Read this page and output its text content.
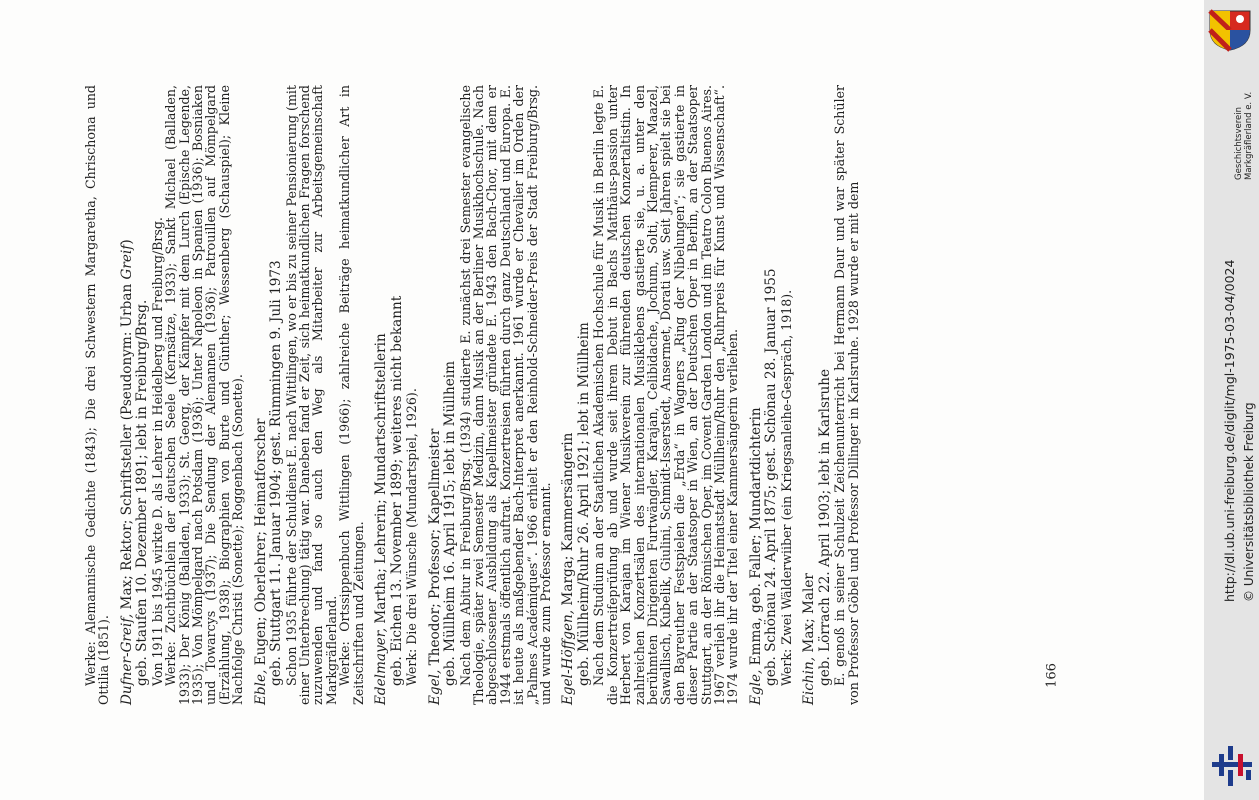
Werke: Alemannische Gedichte (1843); Die drei Schwestern Margaretha, Chrischona und Ottilia (1851). Dufner-Greif, Max; Rektor; Schriftsteller (Pseudonym: Urban Greif)

geb. Staufen 10. Dezember 1891; lebt in Freiburg/Brsg. Von 1911 bis 1945 wirkte D. als Lehrer in Heidelberg und Freiburg/Brsg.

Werke: Zuchtbüchlein der deutschen Seele (Kernsätze, 1933); Sankt Michael (Balladen, 1933); Der König (Balladen, 1933); St. Georg, der Kämpfer mit dem Lurch (Epische Legende, 1935); Von Mömpelgard nach Potsdam (1936); Unter Napoleon in Spanien (1936); Bosniaken und Towarcys (1937); Die Sendung der Alemannen (1936); Patrouillen auf Mömpelgard (Erzählung, 1938); Biographien von Burte und Günther; Wessenberg (Schauspiel); Kleine Nachfolge Christi (Sonette); Roggenbach (Sonette). Eble, Eugen; Oberlehrer; Heimatforscher geb. Stuttgart 11. Januar 1904; gest. Rümmingen 9. Juli 1973 Schon 1935 führte der Schuldienst E. nach Wittlingen, wo er bis zu seiner Pensionierung (mit einer Unterbrechung) tätig war. Daneben fand er Zeit, sich heimatkundlichen Fragen forschend zuzuwenden und fand so auch den Weg als Mitarbeiter zur Arbeitsgemeinschaft Markgräflerland.

Werke: Ortssippenbuch Wittlingen (1966); zahlreiche Beiträge heimatkundlicher Art in Zeitschriften und Zeitungen. Edelmayer, Martha; Lehrerin; Mundartschriftstellerin geb. Eichen 13. November 1899; weiteres nicht bekannt Werk: Die drei Wünsche (Mundartspiel, 1926).

Egel, Theodor; Professor; Kapellmeister geb. Müllheim 16. April 1915; lebt in Müllheim Nach dem Abitur in Freiburg/Brsg. (1934) studierte E. zunächst drei Semester evangelische Theologie, später zwei Semester Medizin, dann Musik an der Berliner Musikhochschule. Nach abgeschlossener Ausbildung als Kapellmeister gründete E. 1943 den Bach-Chor, mit dem er 1944 erstmals öffentlich auftrat. Konzertreisen führten durch ganz Deutschland und Europa. E. ist heute als maßgebender Bach-Interpret anerkannt. 1961 wurde er Chevalier im Orden der „Palmes Académiques“. 1966 erhielt er den Reinhold-Schneider-Preis der Stadt Freiburg/Brsg. und wurde zum Professor ernannt. Egel-Höffgen, Marga; Kammersängerin geb. Müllheim/Ruhr 26. April 1921; lebt in Müllheim Nach dem Studium an der Staatlichen Akademischen Hochschule für Musik in Berlin legte E. die Konzertreifeprüfung ab und wurde seit ihrem Debut in Bachs Matthäus-passion unter Herbert von Karajan im Wiener Musikverein zur führenden deutschen Konzertaltistin. In zahlreichen Konzertsälen des internationalen Musiklebens gastierte sie, u. a. unter den berühmten Dirigenten Furtwängler, Karajan, Celibidache, Jochum, Solti, Klemperer, Maazel, Sawallisch, Kubelik, Giulini, Schmidt-Isserstedt, Ansermet, Dorati usw. Seit Jahren spielt sie bei den Bayreuther Festspielen die „Erda“ in Wagners „Ring der Nibelungen“; sie gastierte in dieser Partie an der Staatsoper in Wien, an der Deutschen Oper in Berlin, an der Staatsoper Stuttgart, an der Römischen Oper, im Covent Garden London und im Teatro Colon Buenos Aires. 1967 verlieh ihr die Heimatstadt Müllheim/Ruhr den „Ruhrpreis für Kunst und Wissenschaft“. 1974 wurde ihr der Titel einer Kammersängerin verliehen. Egle, Emma, geb. Faller; Mundartdichterin geb. Schönau 24. April 1875; gest. Schönau 28. Januar 1955 Werk: Zwei Wälderwiiber (ein Kriegsanleihe-Gespräch, 1918). Eichin, Max; Maler geb. Lörrach 22. April 1903; lebt in Karlsruhe E. genoß in seiner Schulzeit Zeichenunterricht bei Hermann Daur und war später Schüler von Professor Göbel und Professor Dillinger in Karlsruhe. 1928 wurde er mit dem	166
Geschichtsverein Markgräflerland e. V.
http://dl.ub.uni-freiburg.de/diglit/mgl-1975-03-04/0024 © Universitätsbibliothek Freiburg
